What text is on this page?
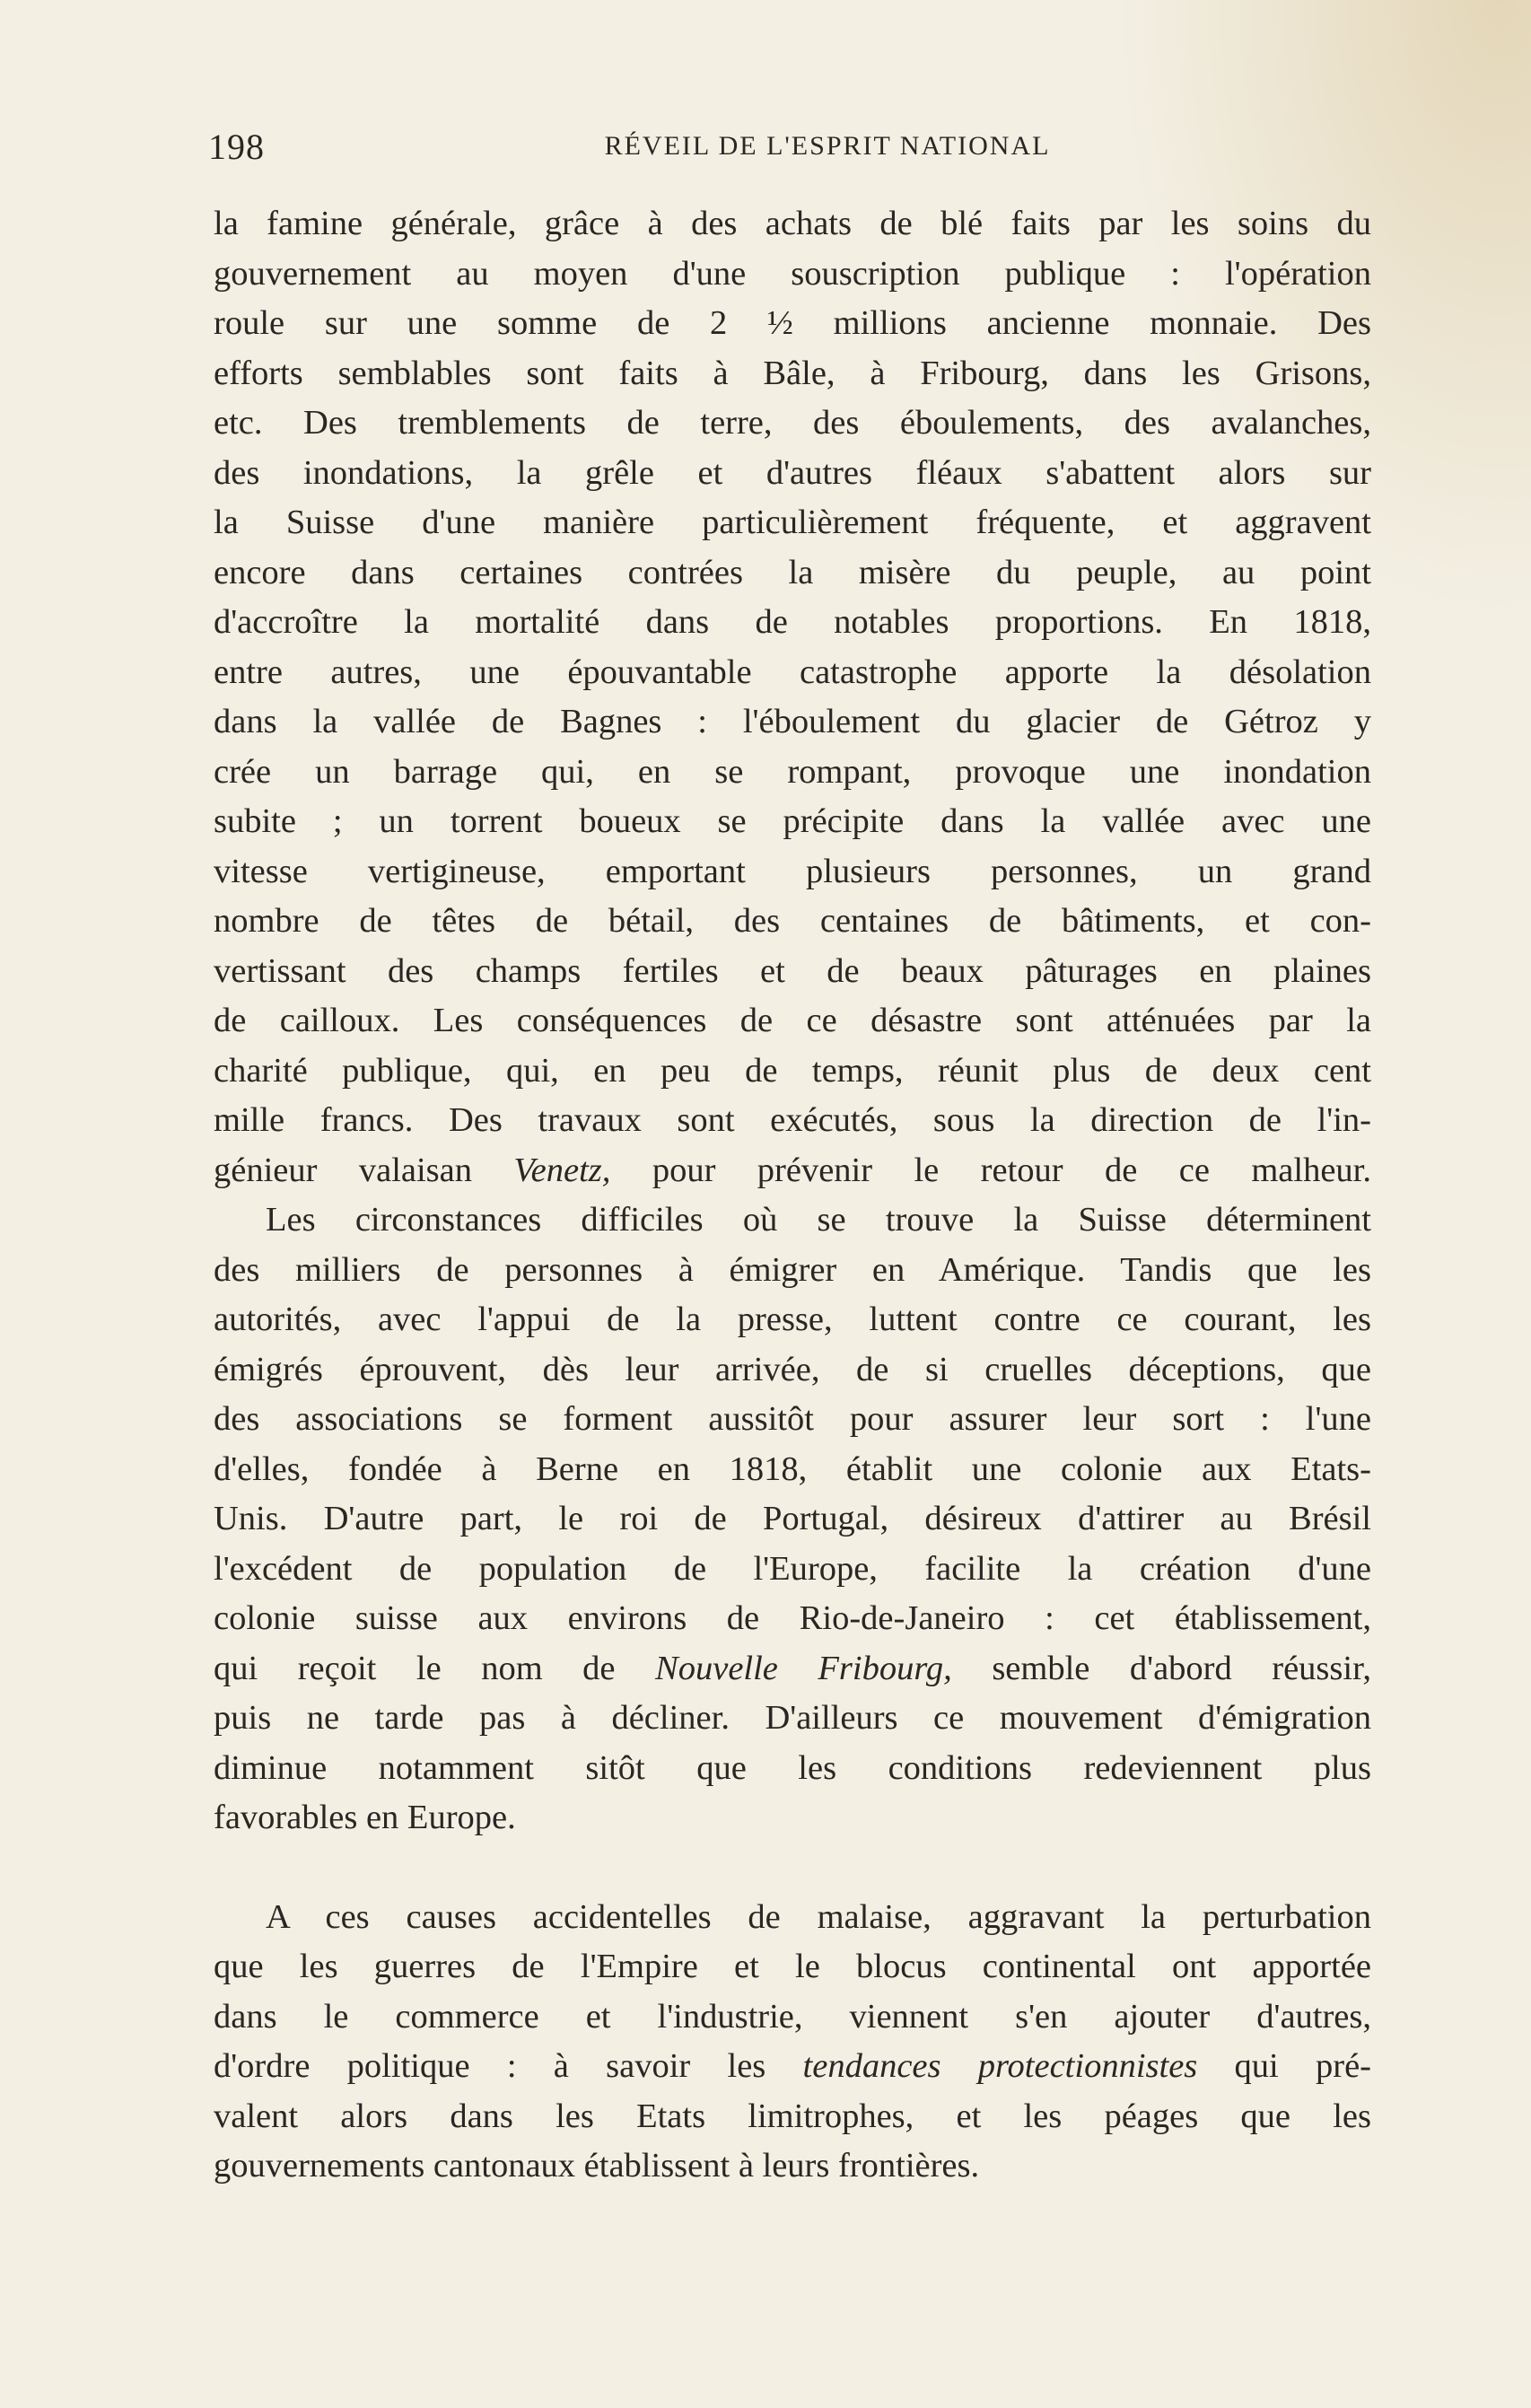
198	RÉVEIL DE L'ESPRIT NATIONAL
la famine générale, grâce à des achats de blé faits par les soins du
gouvernement au moyen d'une souscription publique : l'opération
roule sur une somme de 2 ½ millions ancienne monnaie. Des
efforts semblables sont faits à Bâle, à Fribourg, dans les Grisons,
etc. Des tremblements de terre, des éboulements, des avalanches,
des inondations, la grêle et d'autres fléaux s'abattent alors sur
la Suisse d'une manière particulièrement fréquente, et aggravent
encore dans certaines contrées la misère du peuple, au point
d'accroître la mortalité dans de notables proportions. En 1818,
entre autres, une épouvantable catastrophe apporte la désolation
dans la vallée de Bagnes : l'éboulement du glacier de Gétroz y
crée un barrage qui, en se rompant, provoque une inondation
subite ; un torrent boueux se précipite dans la vallée avec une
vitesse vertigineuse, emportant plusieurs personnes, un grand
nombre de têtes de bétail, des centaines de bâtiments, et con-
vertissant des champs fertiles et de beaux pâturages en plaines
de cailloux. Les conséquences de ce désastre sont atténuées par la
charité publique, qui, en peu de temps, réunit plus de deux cent
mille francs. Des travaux sont exécutés, sous la direction de l'in-
génieur valaisan Venetz, pour prévenir le retour de ce malheur.
Les circonstances difficiles où se trouve la Suisse déterminent
des milliers de personnes à émigrer en Amérique. Tandis que les
autorités, avec l'appui de la presse, luttent contre ce courant, les
émigrés éprouvent, dès leur arrivée, de si cruelles déceptions, que
des associations se forment aussitôt pour assurer leur sort : l'une
d'elles, fondée à Berne en 1818, établit une colonie aux Etats-
Unis. D'autre part, le roi de Portugal, désireux d'attirer au Brésil
l'excédent de population de l'Europe, facilite la création d'une
colonie suisse aux environs de Rio-de-Janeiro : cet établissement,
qui reçoit le nom de Nouvelle Fribourg, semble d'abord réussir,
puis ne tarde pas à décliner. D'ailleurs ce mouvement d'émigration
diminue notamment sitôt que les conditions redeviennent plus
favorables en Europe.
A ces causes accidentelles de malaise, aggravant la perturbation
que les guerres de l'Empire et le blocus continental ont apportée
dans le commerce et l'industrie, viennent s'en ajouter d'autres,
d'ordre politique : à savoir les tendances protectionnistes qui pré-
valent alors dans les Etats limitrophes, et les péages que les
gouvernements cantonaux établissent à leurs frontières.
